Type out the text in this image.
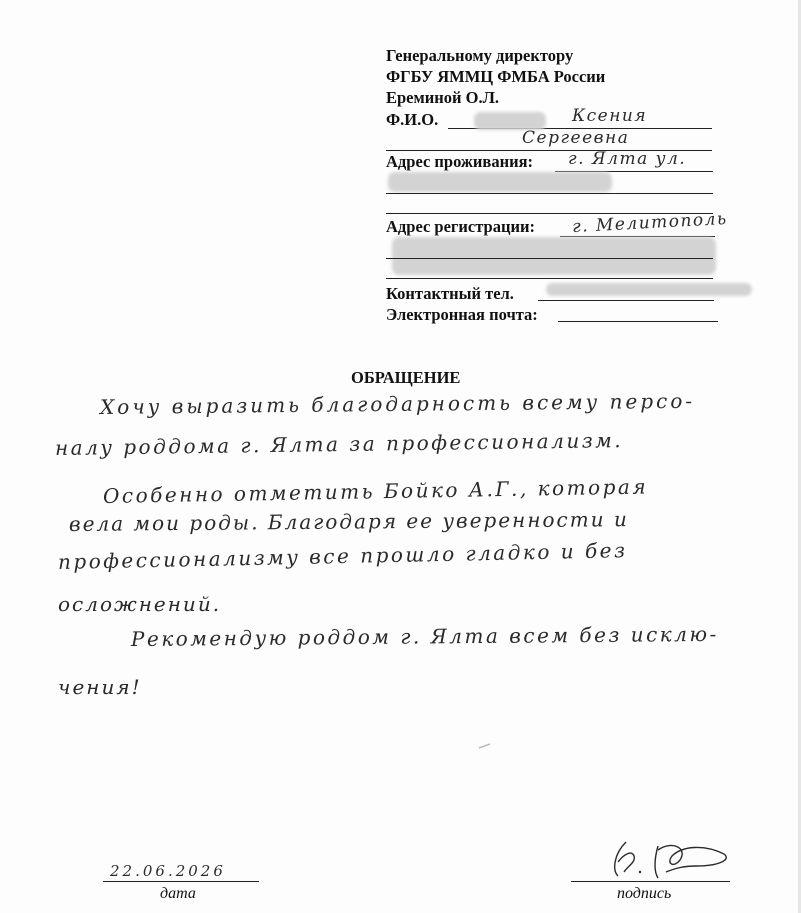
Генеральному директору
ФГБУ ЯММЦ ФМБА России
Ереминой О.Л.
Ф.И.О.	Ксения
Сергеевна
Адрес проживания: г. Ялта ул.
Адрес регистрации: г. Мелитополь
Контактный тел.
Электронная почта:
ОБРАЩЕНИЕ
Хочу выразить благодарность всему персо-
налу роддома г. Ялта за профессионализм.
Особенно отметить Бойко А.Г., которая
вела мои роды. Благодаря ее уверенности и
профессионализму все прошло гладко и без
осложнений.
Рекомендую роддом г. Ялта всем без исклю-
чения!
22.06.2026
дата	подпись
